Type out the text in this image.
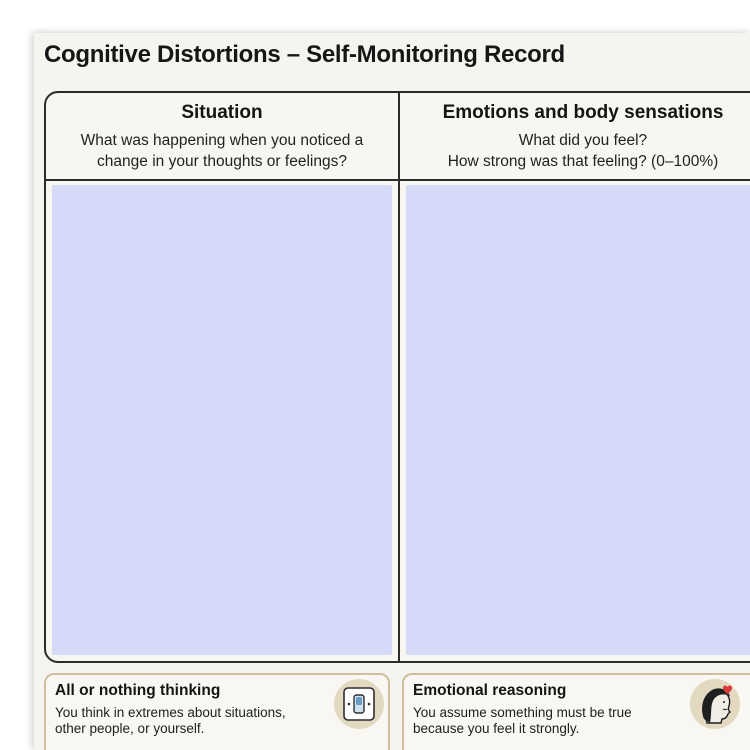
Cognitive Distortions – Self-Monitoring Record
Situation
What was happening when you noticed a change in your thoughts or feelings?
Emotions and body sensations
What did you feel?
How strong was that feeling? (0–100%)
All or nothing thinking
You think in extremes about situations, other people, or yourself.
Emotional reasoning
You assume something must be true because you feel it strongly.
